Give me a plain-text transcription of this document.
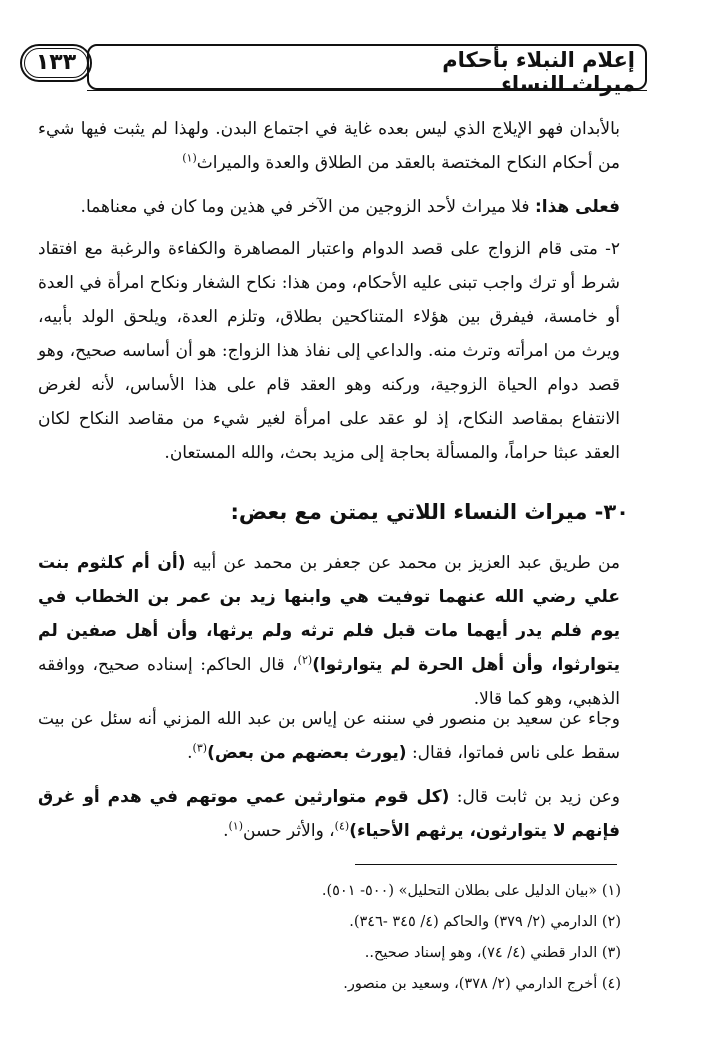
إعلام النبلاء بأحكام ميراث النساء
١٣٣
بالأبدان فهو الإيلاج الذي ليس بعده غاية في اجتماع البدن. ولهذا لم يثبت فيها شيء من أحكام النكاح المختصة بالعقد من الطلاق والعدة والميراث$^{(١)}$
فعلى هذا: فلا ميراث لأحد الزوجين من الآخر في هذين وما كان في معناهما.
٢- متى قام الزواج على قصد الدوام واعتبار المصاهرة والكفاءة والرغبة مع افتقاد شرط أو ترك واجب تبنى عليه الأحكام، ومن هذا: نكاح الشغار ونكاح امرأة في العدة أو خامسة، فيفرق بين هؤلاء المتناكحين بطلاق، وتلزم العدة، ويلحق الولد بأبيه، ويرث من امرأته وترث منه. والداعي إلى نفاذ هذا الزواج: هو أن أساسه صحيح، وهو قصد دوام الحياة الزوجية، وركنه وهو العقد قام على هذا الأساس، لأنه لغرض الانتفاع بمقاصد النكاح، إذ لو عقد على امرأة لغير شيء من مقاصد النكاح لكان العقد عبثا حراماً، والمسألة بحاجة إلى مزيد بحث، والله المستعان.
٣٠- ميراث النساء اللاتي يمتن مع بعض:
من طريق عبد العزيز بن محمد عن جعفر بن محمد عن أبيه (أن أم كلثوم بنت علي رضي الله عنهما توفيت هي وابنها زيد بن عمر بن الخطاب في يوم فلم يدر أيهما مات قبل فلم ترثه ولم يرثها، وأن أهل صفين لم يتوارثوا، وأن أهل الحرة لم يتوارثوا)$^{(٢)}$، قال الحاكم: إسناده صحيح، ووافقه الذهبي، وهو كما قالا.
وجاء عن سعيد بن منصور في سننه عن إياس بن عبد الله المزني أنه سئل عن بيت سقط على ناس فماتوا، فقال: (يورث بعضهم من بعض)$^{(٣)}$.
وعن زيد بن ثابت قال: (كل قوم متوارثين عمي موتهم في هدم أو غرق فإنهم لا يتوارثون، يرثهم الأحياء)$^{(٤)}$، والأثر حسن$^{(١)}$.
(١) «بيان الدليل على بطلان التحليل» (٥٠٠- ٥٠١).
(٢) الدارمي (٢/ ٣٧٩) والحاكم (٤/ ٣٤٥ -٣٤٦).
(٣) الدار قطني (٤/ ٧٤)، وهو إسناد صحيح..
(٤) أخرج الدارمي (٢/ ٣٧٨)، وسعيد بن منصور.
